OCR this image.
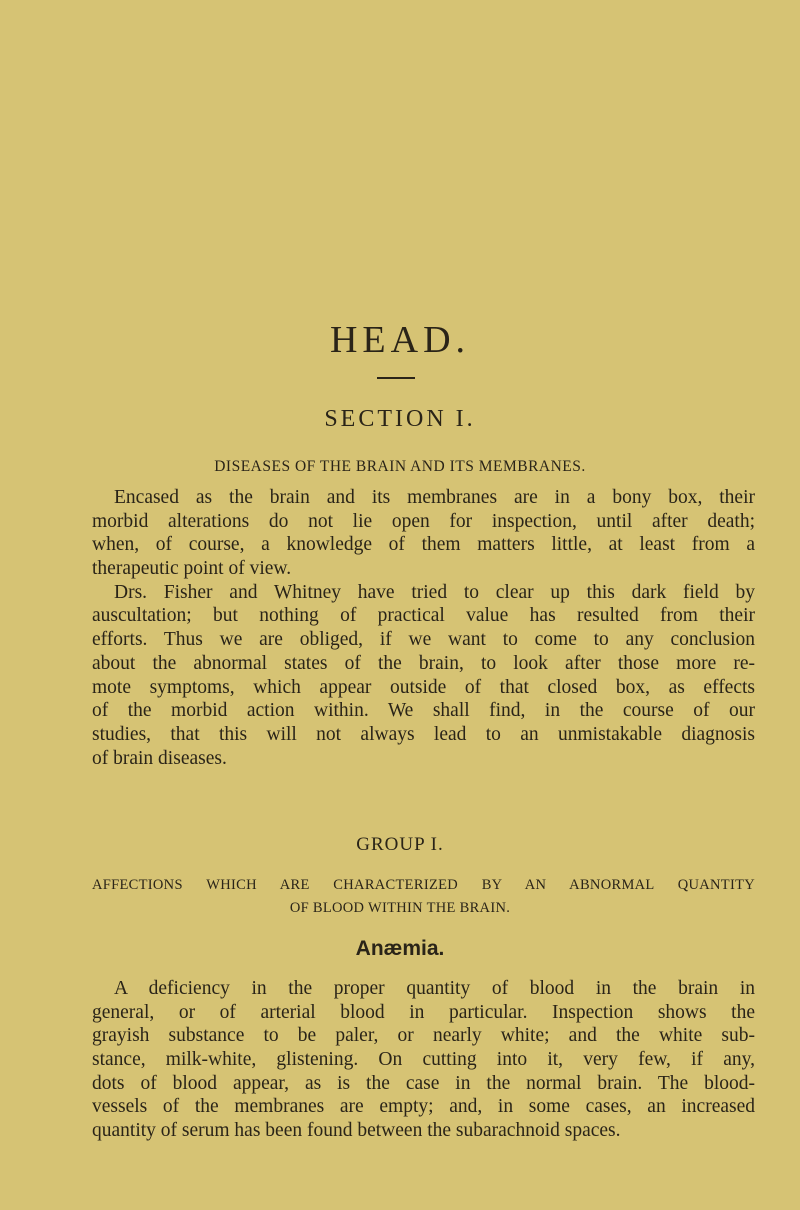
HEAD.
SECTION I.
DISEASES OF THE BRAIN AND ITS MEMBRANES.
Encased as the brain and its membranes are in a bony box, their
morbid alterations do not lie open for inspection, until after death;
when, of course, a knowledge of them matters little, at least from a
therapeutic point of view.
Drs. Fisher and Whitney have tried to clear up this dark field by
auscultation; but nothing of practical value has resulted from their
efforts. Thus we are obliged, if we want to come to any conclusion
about the abnormal states of the brain, to look after those more re-
mote symptoms, which appear outside of that closed box, as effects
of the morbid action within. We shall find, in the course of our
studies, that this will not always lead to an unmistakable diagnosis
of brain diseases.
GROUP I.
AFFECTIONS WHICH ARE CHARACTERIZED BY AN ABNORMAL QUANTITY
OF BLOOD WITHIN THE BRAIN.
Anæmia.
A deficiency in the proper quantity of blood in the brain in
general, or of arterial blood in particular. Inspection shows the
grayish substance to be paler, or nearly white; and the white sub-
stance, milk-white, glistening. On cutting into it, very few, if any,
dots of blood appear, as is the case in the normal brain. The blood-
vessels of the membranes are empty; and, in some cases, an increased
quantity of serum has been found between the subarachnoid spaces.
